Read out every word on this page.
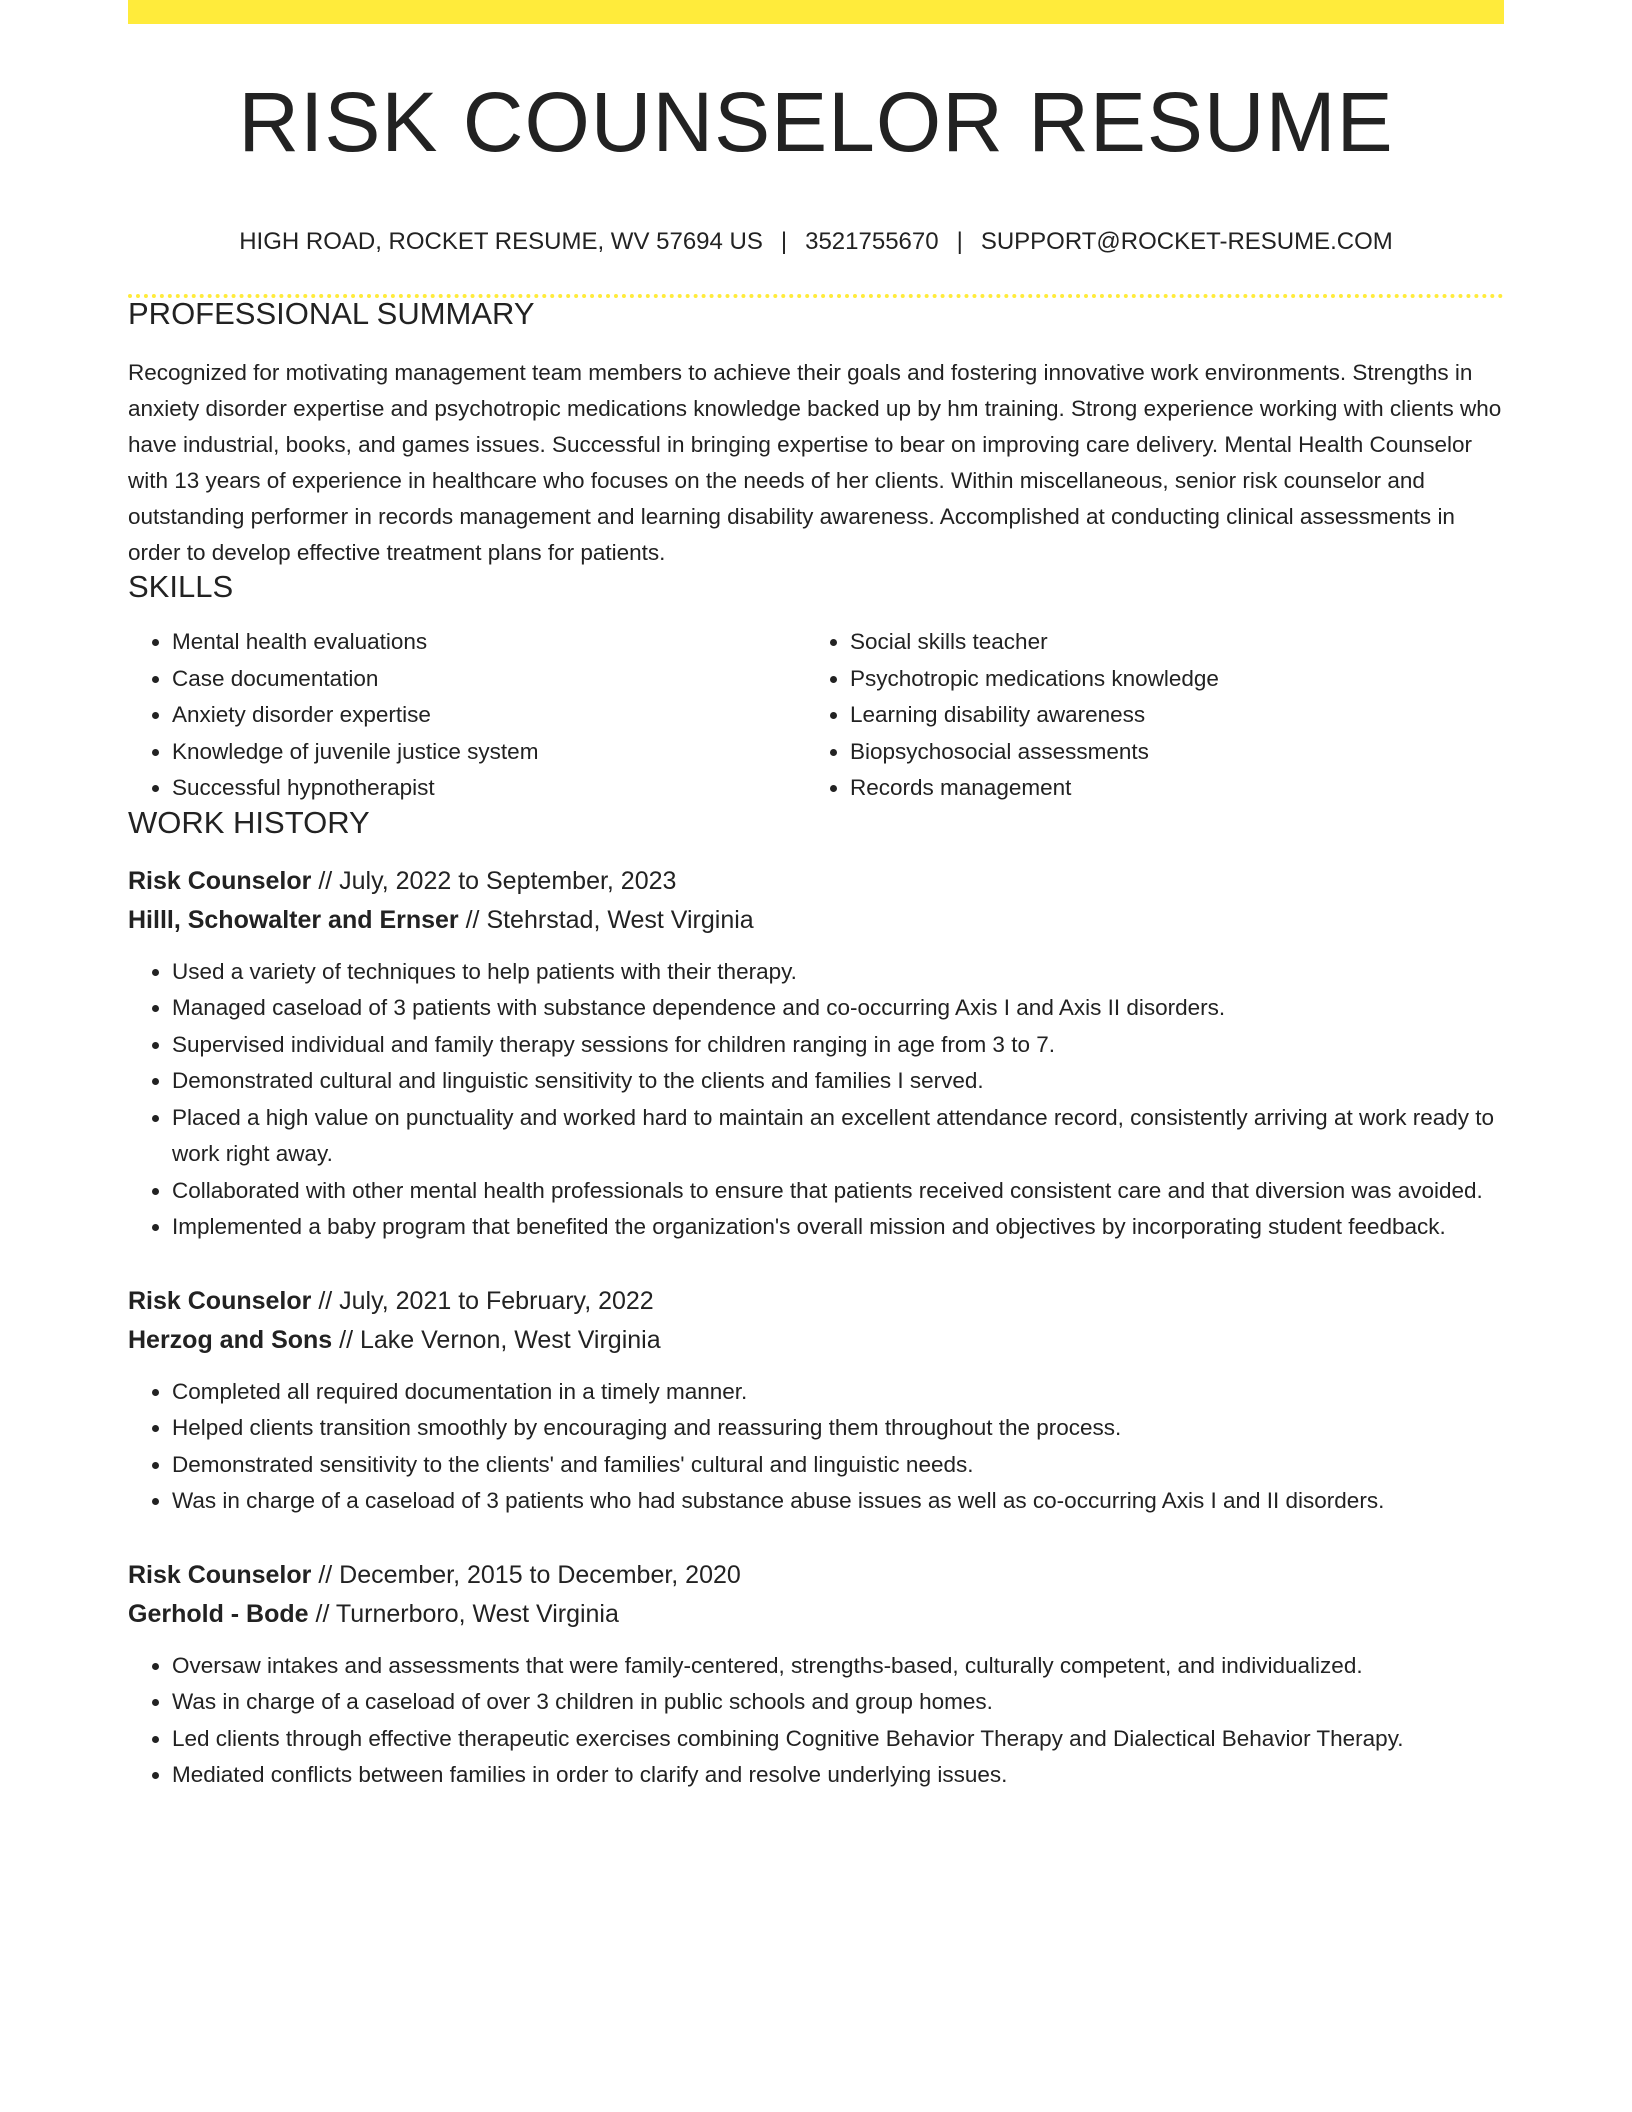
RISK COUNSELOR RESUME
HIGH ROAD, ROCKET RESUME, WV 57694 US | 3521755670 | SUPPORT@ROCKET-RESUME.COM
PROFESSIONAL SUMMARY
Recognized for motivating management team members to achieve their goals and fostering innovative work environments. Strengths in anxiety disorder expertise and psychotropic medications knowledge backed up by hm training. Strong experience working with clients who have industrial, books, and games issues. Successful in bringing expertise to bear on improving care delivery. Mental Health Counselor with 13 years of experience in healthcare who focuses on the needs of her clients. Within miscellaneous, senior risk counselor and outstanding performer in records management and learning disability awareness. Accomplished at conducting clinical assessments in order to develop effective treatment plans for patients.
SKILLS
• Mental health evaluations
• Case documentation
• Anxiety disorder expertise
• Knowledge of juvenile justice system
• Successful hypnotherapist
• Social skills teacher
• Psychotropic medications knowledge
• Learning disability awareness
• Biopsychosocial assessments
• Records management
WORK HISTORY
Risk Counselor // July, 2022 to September, 2023
Hilll, Schowalter and Ernser // Stehrstad, West Virginia
• Used a variety of techniques to help patients with their therapy.
• Managed caseload of 3 patients with substance dependence and co-occurring Axis I and Axis II disorders.
• Supervised individual and family therapy sessions for children ranging in age from 3 to 7.
• Demonstrated cultural and linguistic sensitivity to the clients and families I served.
• Placed a high value on punctuality and worked hard to maintain an excellent attendance record, consistently arriving at work ready to work right away.
• Collaborated with other mental health professionals to ensure that patients received consistent care and that diversion was avoided.
• Implemented a baby program that benefited the organization's overall mission and objectives by incorporating student feedback.
Risk Counselor // July, 2021 to February, 2022
Herzog and Sons // Lake Vernon, West Virginia
• Completed all required documentation in a timely manner.
• Helped clients transition smoothly by encouraging and reassuring them throughout the process.
• Demonstrated sensitivity to the clients' and families' cultural and linguistic needs.
• Was in charge of a caseload of 3 patients who had substance abuse issues as well as co-occurring Axis I and II disorders.
Risk Counselor // December, 2015 to December, 2020
Gerhold - Bode // Turnerboro, West Virginia
• Oversaw intakes and assessments that were family-centered, strengths-based, culturally competent, and individualized.
• Was in charge of a caseload of over 3 children in public schools and group homes.
• Led clients through effective therapeutic exercises combining Cognitive Behavior Therapy and Dialectical Behavior Therapy.
• Mediated conflicts between families in order to clarify and resolve underlying issues.
